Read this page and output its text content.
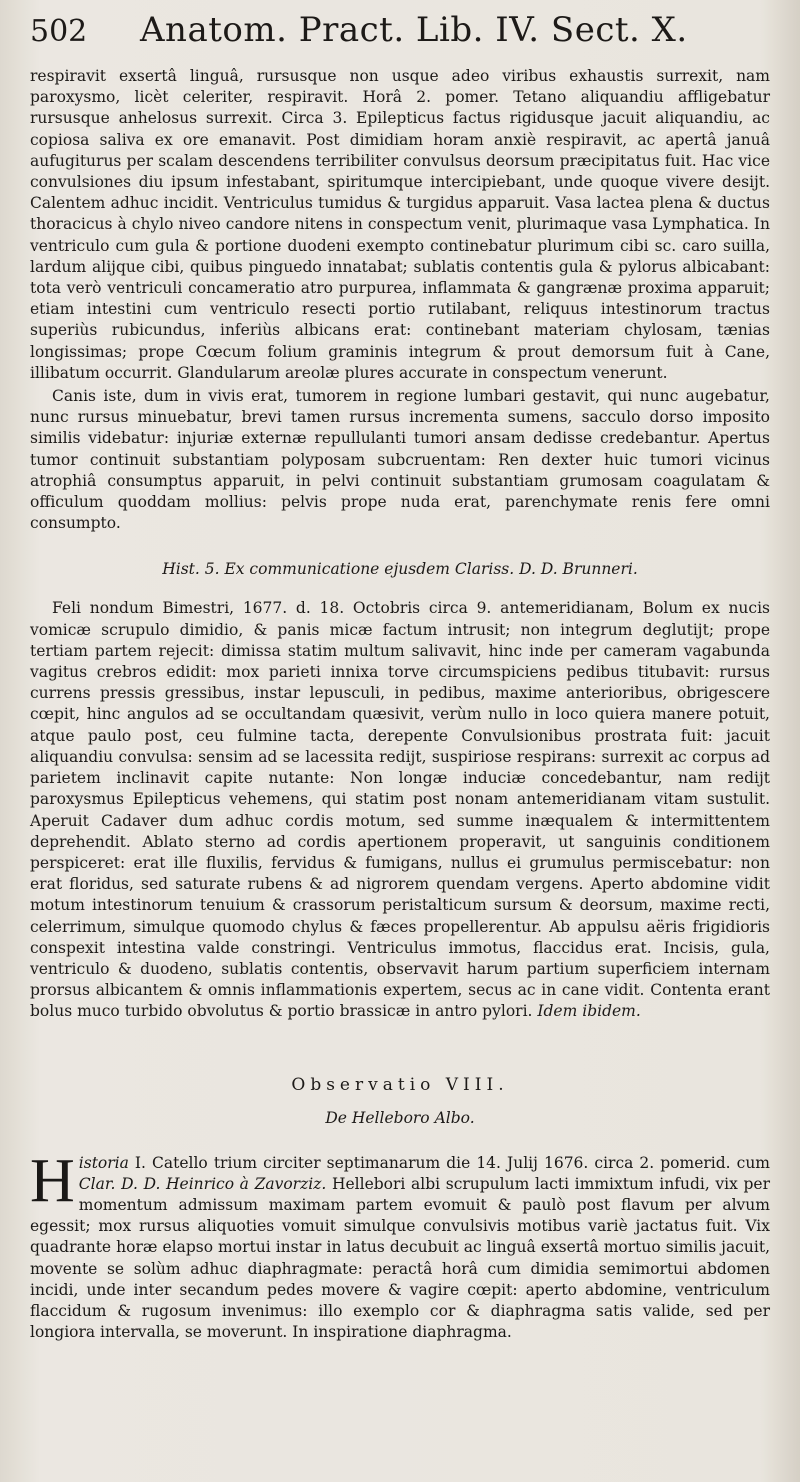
502	Anatom. Pract. Lib. IV. Sect. X.

respiravit exsertâ linguâ, rursusque non usque adeo viribus exhaustis surrexit, nam paroxysmo, licèt celeriter, respiravit. Horâ 2. pomer. Tetano aliquandiu affligebatur rursusque anhelosus surrexit. Circa 3. Epilepticus factus rigidusque jacuit aliquandiu, ac copiosa saliva ex ore emanavit. Post dimidiam horam anxiè respiravit, ac apertâ januâ aufugiturus per scalam descendens terribiliter convulsus deorsum præcipitatus fuit. Hac vice convulsiones diu ipsum infestabant, spiritumque intercipiebant, unde quoque vivere desijt. Calentem adhuc incidit. Ventriculus tumidus & turgidus apparuit. Vasa lactea plena & ductus thoracicus à chylo niveo candore nitens in conspectum venit, plurimaque vasa Lymphatica. In ventriculo cum gula & portione duodeni exempto continebatur plurimum cibi sc. caro suilla, lardum alijque cibi, quibus pinguedo innatabat; sublatis contentis gula & pylorus albicabant: tota verò ventriculi concameratio atro purpurea, inflammata & gangrænæ proxima apparuit; etiam intestini cum ventriculo resecti portio rutilabant, reliquus intestinorum tractus superiùs rubicundus, inferiùs albicans erat: continebant materiam chylosam, tænias longissimas; prope Cœcum folium graminis integrum & prout demorsum fuit à Cane, illibatum occurrit. Glandularum areolæ plures accurate in conspectum venerunt.

Canis iste, dum in vivis erat, tumorem in regione lumbari gestavit, qui nunc augebatur, nunc rursus minuebatur, brevi tamen rursus incrementa sumens, sacculo dorso imposito similis videbatur: injuriæ externæ repullulanti tumori ansam dedisse credebantur. Apertus tumor continuit substantiam polyposam subcruentam: Ren dexter huic tumori vicinus atrophiâ consumptus apparuit, in pelvi continuit substantiam grumosam coagulatam & officulum quoddam mollius: pelvis prope nuda erat, parenchymate renis fere omni consumpto.

Hist. 5. Ex communicatione ejusdem Clariss. D. D. Brunneri.

Feli nondum Bimestri, 1677. d. 18. Octobris circa 9. antemeridianam, Bolum ex nucis vomicæ scrupulo dimidio, & panis micæ factum intrusit; non integrum deglutijt; prope tertiam partem rejecit: dimissa statim multum salivavit, hinc inde per cameram vagabunda vagitus crebros edidit: mox parieti innixa torve circumspiciens pedibus titubavit: rursus currens pressis gressibus, instar lepusculi, in pedibus, maxime anterioribus, obrigescere cœpit, hinc angulos ad se occultandam quæsivit, verùm nullo in loco quiera manere potuit, atque paulo post, ceu fulmine tacta, derepente Convulsionibus prostrata fuit: jacuit aliquandiu convulsa: sensim ad se lacessita redijt, suspiriose respirans: surrexit ac corpus ad parietem inclinavit capite nutante: Non longæ induciæ concedebantur, nam redijt paroxysmus Epilepticus vehemens, qui statim post nonam antemeridianam vitam sustulit. Aperuit Cadaver dum adhuc cordis motum, sed summe inæqualem & intermittentem deprehendit. Ablato sterno ad cordis apertionem properavit, ut sanguinis conditionem perspiceret: erat ille fluxilis, fervidus & fumigans, nullus ei grumulus permiscebatur: non erat floridus, sed saturate rubens & ad nigrorem quendam vergens. Aperto abdomine vidit motum intestinorum tenuium & crassorum peristalticum sursum & deorsum, maxime recti, celerrimum, simulque quomodo chylus & fæces propellerentur. Ab appulsu aëris frigidioris conspexit intestina valde constringi. Ventriculus immotus, flaccidus erat. Incisis, gula, ventriculo & duodeno, sublatis contentis, observavit harum partium superficiem internam prorsus albicantem & omnis inflammationis expertem, secus ac in cane vidit. Contenta erant bolus muco turbido obvolutus & portio brassicæ in antro pylori. Idem ibidem.

Observatio VIII.
De Helleboro Albo.

Historia I. Catello trium circiter septimanarum die 14. Julij 1676. circa 2. pomerid. cum Clar. D. D. Heinrico à Zavorziz. Hellebori albi scrupulum lacti immixtum infudi, vix per momentum admissum maximam partem evomuit & paulò post flavum per alvum egessit; mox rursus aliquoties vomuit simulque convulsivis motibus variè jactatus fuit. Vix quadrante horæ elapso mortui instar in latus decubuit ac linguâ exsertâ mortuo similis jacuit, movente se solùm adhuc diaphragmate: peractâ horâ cum dimidia semimortui abdomen incidi, unde inter secandum pedes movere & vagire cœpit: aperto abdomine, ventriculum flaccidum & rugosum invenimus: illo exemplo cor & diaphragma satis valide, sed per longiora intervalla, se moverunt. In inspiratione diaphragma.
